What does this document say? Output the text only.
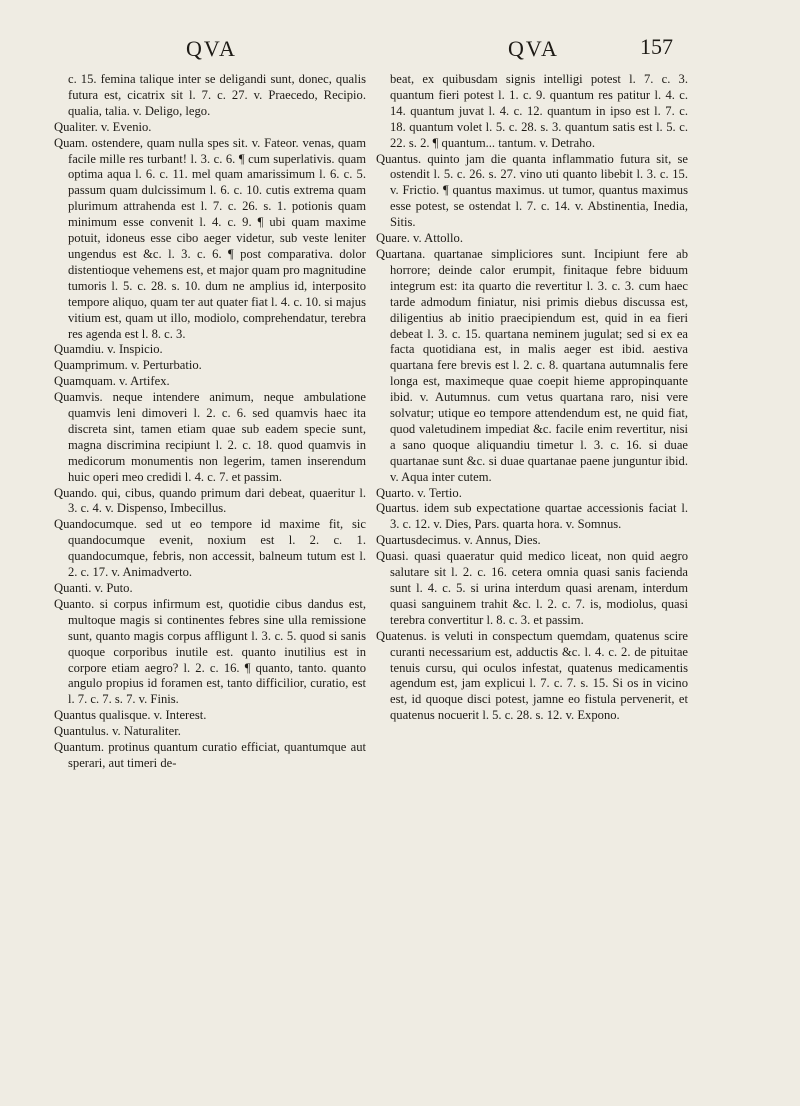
QVA	QVA	157

c. 15. femina talique inter se deligandi sunt, donec, qualis futura est, cicatrix sit l. 7. c. 27. v. Praecedo, Recipio. qualia, talia. v. Deligo, lego.

Qualiter. v. Evenio.

Quam. ostendere, quam nulla spes sit. v. Fateor. venas, quam facile mille res turbant! l. 3. c. 6. ¶ cum superlativis. quam optima aqua l. 6. c. 11. mel quam amarissimum l. 6. c. 5. passum quam dulcissimum l. 6. c. 10. cutis extrema quam plurimum attrahenda est l. 7. c. 26. s. 1. potionis quam minimum esse convenit l. 4. c. 9. ¶ ubi quam maxime potuit, idoneus esse cibo aeger videtur, sub veste leniter ungendus est &c. l. 3. c. 6. ¶ post comparativa. dolor distentioque vehemens est, et major quam pro magnitudine tumoris l. 5. c. 28. s. 10. dum ne amplius id, interposito tempore aliquo, quam ter aut quater fiat l. 4. c. 10. si majus vitium est, quam ut illo, modiolo, comprehendatur, terebra res agenda est l. 8. c. 3.

Quamdiu. v. Inspicio.

Quamprimum. v. Perturbatio.

Quamquam. v. Artifex.

Quamvis. neque intendere animum, neque ambulatione quamvis leni dimoveri l. 2. c. 6. sed quamvis haec ita discreta sint, tamen etiam quae sub eadem specie sunt, magna discrimina recipiunt l. 2. c. 18. quod quamvis in medicorum monumentis non legerim, tamen inserendum huic operi meo credidi l. 4. c. 7. et passim.

Quando. qui, cibus, quando primum dari debeat, quaeritur l. 3. c. 4. v. Dispenso, Imbecillus.

Quandocumque. sed ut eo tempore id maxime fit, sic quandocumque evenit, noxium est l. 2. c. 1. quandocumque, febris, non accessit, balneum tutum est l. 2. c. 17. v. Animadverto.

Quanti. v. Puto.

Quanto. si corpus infirmum est, quotidie cibus dandus est, multoque magis si continentes febres sine ulla remissione sunt, quanto magis corpus affligunt l. 3. c. 5. quod si sanis quoque corporibus inutile est. quanto inutilius est in corpore etiam aegro? l. 2. c. 16. ¶ quanto, tanto. quanto angulo propius id foramen est, tanto difficilior, curatio, est l. 7. c. 7. s. 7. v. Finis.

Quantus qualisque. v. Interest.

Quantulus. v. Naturaliter.

Quantum. protinus quantum curatio efficiat, quantumque aut sperari, aut timeri de-

beat, ex quibusdam signis intelligi potest l. 7. c. 3. quantum fieri potest l. 1. c. 9. quantum res patitur l. 4. c. 14. quantum juvat l. 4. c. 12. quantum in ipso est l. 7. c. 18. quantum volet l. 5. c. 28. s. 3. quantum satis est l. 5. c. 22. s. 2. ¶ quantum... tantum. v. Detraho.

Quantus. quinto jam die quanta inflammatio futura sit, se ostendit l. 5. c. 26. s. 27. vino uti quanto libebit l. 3. c. 15. v. Frictio. ¶ quantus maximus. ut tumor, quantus maximus esse potest, se ostendat l. 7. c. 14. v. Abstinentia, Inedia, Sitis.

Quare. v. Attollo.

Quartana. quartanae simpliciores sunt. Incipiunt fere ab horrore; deinde calor erumpit, finitaque febre biduum integrum est: ita quarto die revertitur l. 3. c. 3. cum haec tarde admodum finiatur, nisi primis diebus discussa est, diligentius ab initio praecipiendum est, quid in ea fieri debeat l. 3. c. 15. quartana neminem jugulat; sed si ex ea facta quotidiana est, in malis aeger est ibid. aestiva quartana fere brevis est l. 2. c. 8. quartana autumnalis fere longa est, maximeque quae coepit hieme appropinquante ibid. v. Autumnus. cum vetus quartana raro, nisi vere solvatur; utique eo tempore attendendum est, ne quid fiat, quod valetudinem impediat &c. facile enim revertitur, nisi a sano quoque aliquandiu timetur l. 3. c. 16. si duae quartanae sunt &c. si duae quartanae paene junguntur ibid. v. Aqua inter cutem.

Quarto. v. Tertio.

Quartus. idem sub expectatione quartae accessionis faciat l. 3. c. 12. v. Dies, Pars. quarta hora. v. Somnus.

Quartusdecimus. v. Annus, Dies.

Quasi. quasi quaeratur quid medico liceat, non quid aegro salutare sit l. 2. c. 16. cetera omnia quasi sanis facienda sunt l. 4. c. 5. si urina interdum quasi arenam, interdum quasi sanguinem trahit &c. l. 2. c. 7. is, modiolus, quasi terebra convertitur l. 8. c. 3. et passim.

Quatenus. is veluti in conspectum quemdam, quatenus scire curanti necessarium est, adductis &c. l. 4. c. 2. de pituitae tenuis cursu, qui oculos infestat, quatenus medicamentis agendum est, jam explicui l. 7. c. 7. s. 15. Si os in vicino est, id quoque disci potest, jamne eo fistula pervenerit, et quatenus nocuerit l. 5. c. 28. s. 12. v. Expono.
